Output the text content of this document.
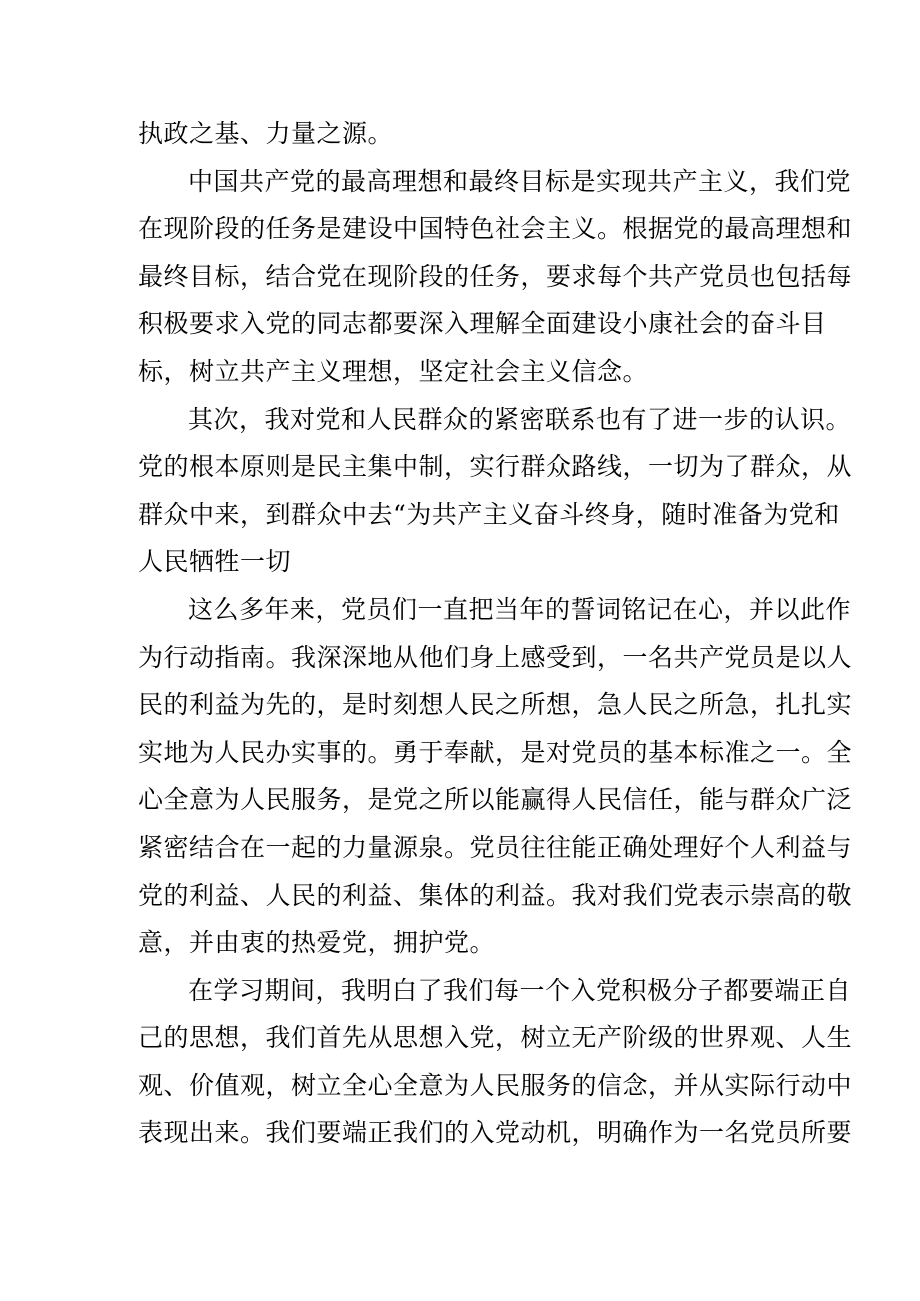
执政之基、力量之源。
中国共产党的最高理想和最终目标是实现共产主义，我们党
在现阶段的任务是建设中国特色社会主义。根据党的最高理想和
最终目标，结合党在现阶段的任务，要求每个共产党员也包括每
积极要求入党的同志都要深入理解全面建设小康社会的奋斗目
标，树立共产主义理想，坚定社会主义信念。
其次，我对党和人民群众的紧密联系也有了进一步的认识。
党的根本原则是民主集中制，实行群众路线，一切为了群众，从
群众中来，到群众中去“为共产主义奋斗终身，随时准备为党和
人民牺牲一切
这么多年来，党员们一直把当年的誓词铭记在心，并以此作
为行动指南。我深深地从他们身上感受到，一名共产党员是以人
民的利益为先的，是时刻想人民之所想，急人民之所急，扎扎实
实地为人民办实事的。勇于奉献，是对党员的基本标准之一。全
心全意为人民服务，是党之所以能赢得人民信任，能与群众广泛
紧密结合在一起的力量源泉。党员往往能正确处理好个人利益与
党的利益、人民的利益、集体的利益。我对我们党表示崇高的敬
意，并由衷的热爱党，拥护党。
在学习期间，我明白了我们每一个入党积极分子都要端正自
己的思想，我们首先从思想入党，树立无产阶级的世界观、人生
观、价值观，树立全心全意为人民服务的信念，并从实际行动中
表现出来。我们要端正我们的入党动机，明确作为一名党员所要
